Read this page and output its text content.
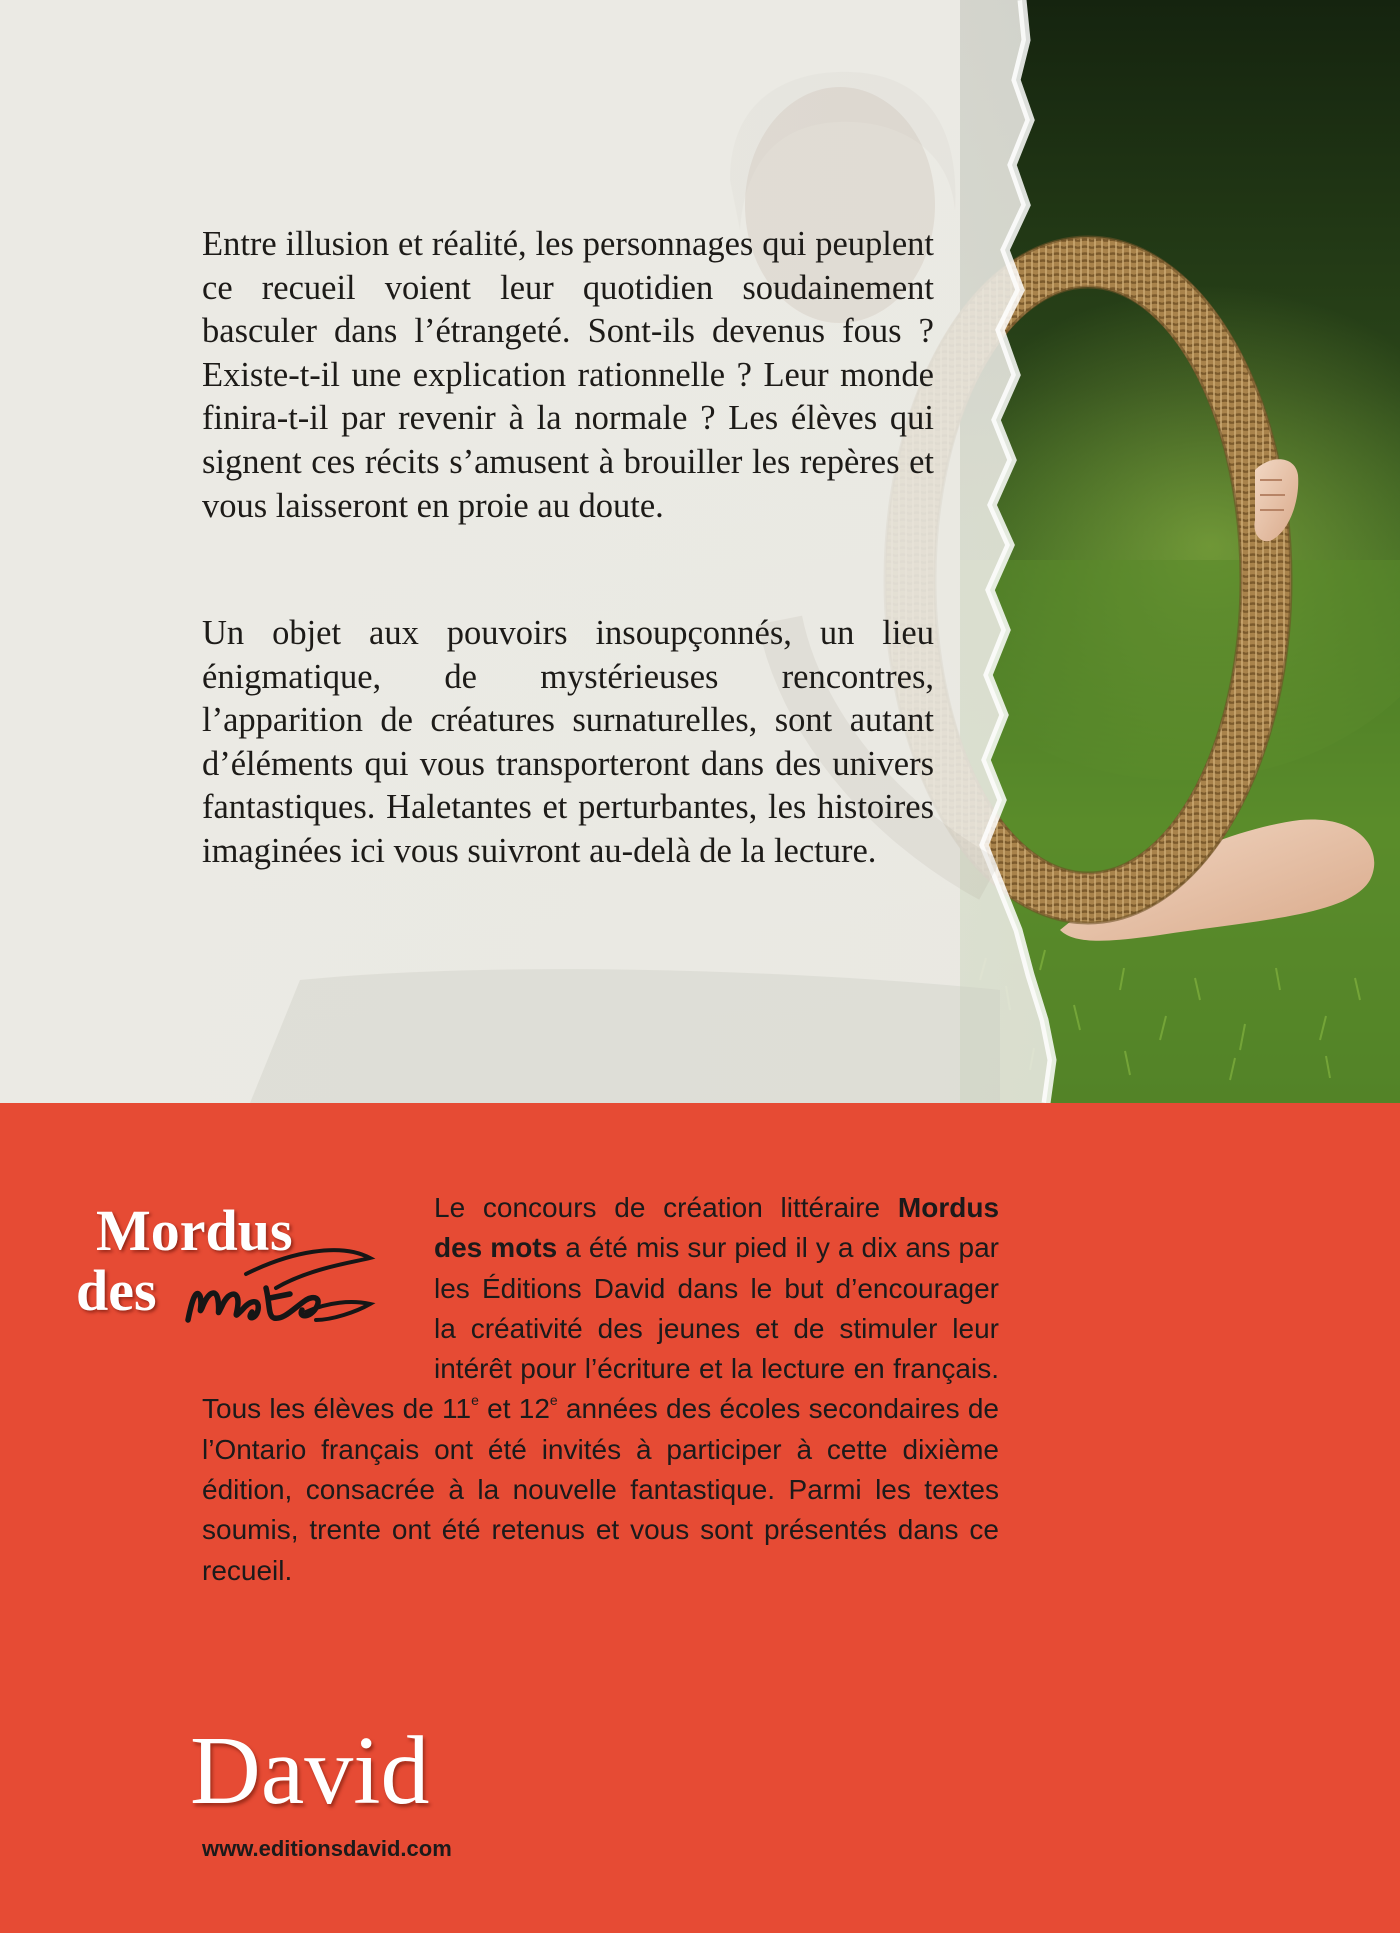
Entre illusion et réalité, les personnages qui peuplent ce recueil voient leur quotidien soudainement basculer dans l’étrangeté. Sont-ils devenus fous ? Existe-t-il une explication rationnelle ? Leur monde finira-t-il par revenir à la normale ? Les élèves qui signent ces récits s’amusent à brouiller les repères et vous laisseront en proie au doute.

Un objet aux pouvoirs insoupçonnés, un lieu énigmatique, de mystérieuses rencontres, l’apparition de créatures surnaturelles, sont autant d’éléments qui vous transporteront dans des univers fantastiques. Haletantes et perturbantes, les histoires imaginées ici vous suivront au-delà de la lecture.

Mordus
des

Le concours de création littéraire Mordus des mots a été mis sur pied il y a dix ans par les Éditions David dans le but d’encourager la créativité des jeunes et de stimuler leur intérêt pour l’écriture et la lecture en français. Tous les élèves de 11e et 12e années des écoles secondaires de l’Ontario français ont été invités à participer à cette dixième édition, consacrée à la nouvelle fantastique. Parmi les textes soumis, trente ont été retenus et vous sont présentés dans ce recueil.

David
www.editionsdavid.com
